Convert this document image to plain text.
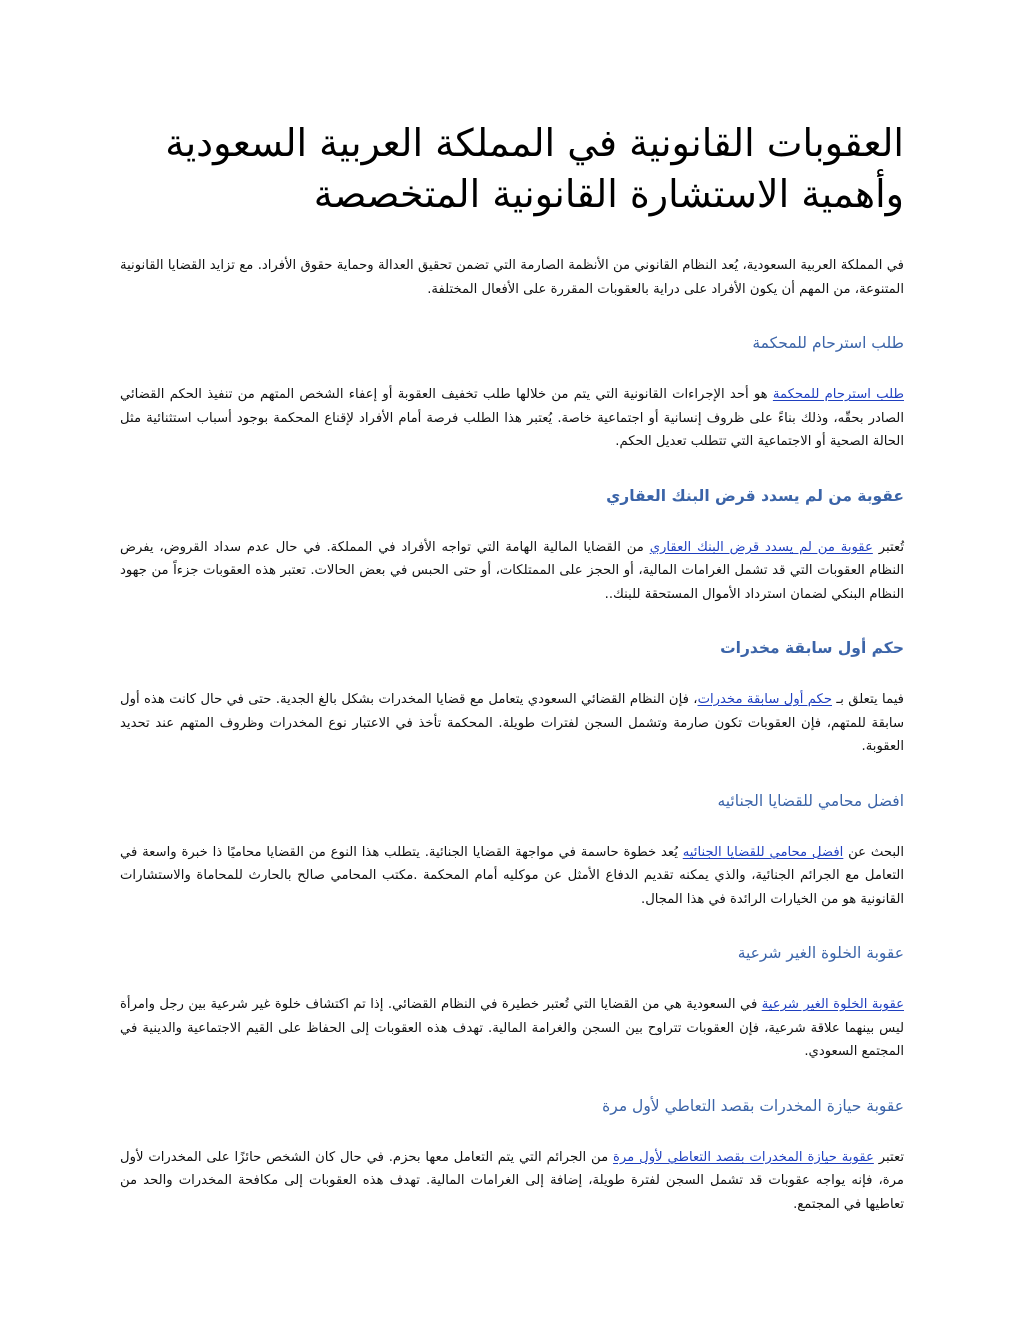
العقوبات القانونية في المملكة العربية السعودية وأهمية الاستشارة القانونية المتخصصة

في المملكة العربية السعودية، يُعد النظام القانوني من الأنظمة الصارمة التي تضمن تحقيق العدالة وحماية حقوق الأفراد. مع تزايد القضايا القانونية المتنوعة، من المهم أن يكون الأفراد على دراية بالعقوبات المقررة على الأفعال المختلفة.

طلب استرحام للمحكمة

طلب استرحام للمحكمة هو أحد الإجراءات القانونية التي يتم من خلالها طلب تخفيف العقوبة أو إعفاء الشخص المتهم من تنفيذ الحكم القضائي الصادر بحقّه، وذلك بناءً على ظروف إنسانية أو اجتماعية خاصة. يُعتبر هذا الطلب فرصة أمام الأفراد لإقناع المحكمة بوجود أسباب استثنائية مثل الحالة الصحية أو الاجتماعية التي تتطلب تعديل الحكم.

عقوبة من لم يسدد قرض البنك العقاري

تُعتبر عقوبة من لم يسدد قرض البنك العقاري من القضايا المالية الهامة التي تواجه الأفراد في المملكة. في حال عدم سداد القروض، يفرض النظام العقوبات التي قد تشمل الغرامات المالية، أو الحجز على الممتلكات، أو حتى الحبس في بعض الحالات. تعتبر هذه العقوبات جزءاً من جهود النظام البنكي لضمان استرداد الأموال المستحقة للبنك..

حكم أول سابقة مخدرات

فيما يتعلق بـ حكم أول سابقة مخدرات، فإن النظام القضائي السعودي يتعامل مع قضايا المخدرات بشكل بالغ الجدية. حتى في حال كانت هذه أول سابقة للمتهم، فإن العقوبات تكون صارمة وتشمل السجن لفترات طويلة. المحكمة تأخذ في الاعتبار نوع المخدرات وظروف المتهم عند تحديد العقوبة.

افضل محامي للقضايا الجنائيه

البحث عن افضل محامي للقضايا الجنائيه يُعد خطوة حاسمة في مواجهة القضايا الجنائية. يتطلب هذا النوع من القضايا محاميًا ذا خبرة واسعة في التعامل مع الجرائم الجنائية، والذي يمكنه تقديم الدفاع الأمثل عن موكليه أمام المحكمة .مكتب المحامي صالح بالحارث للمحاماة والاستشارات القانونية هو من الخيارات الرائدة في هذا المجال.

عقوبة الخلوة الغير شرعية

عقوبة الخلوة الغير شرعية في السعودية هي من القضايا التي تُعتبر خطيرة في النظام القضائي. إذا تم اكتشاف خلوة غير شرعية بين رجل وامرأة ليس بينهما علاقة شرعية، فإن العقوبات تتراوح بين السجن والغرامة المالية. تهدف هذه العقوبات إلى الحفاظ على القيم الاجتماعية والدينية في المجتمع السعودي.

عقوبة حيازة المخدرات بقصد التعاطي لأول مرة

تعتبر عقوبة حيازة المخدرات بقصد التعاطي لأول مرة من الجرائم التي يتم التعامل معها بحزم. في حال كان الشخص حائزًا على المخدرات لأول مرة، فإنه يواجه عقوبات قد تشمل السجن لفترة طويلة، إضافة إلى الغرامات المالية. تهدف هذه العقوبات إلى مكافحة المخدرات والحد من تعاطيها في المجتمع.
